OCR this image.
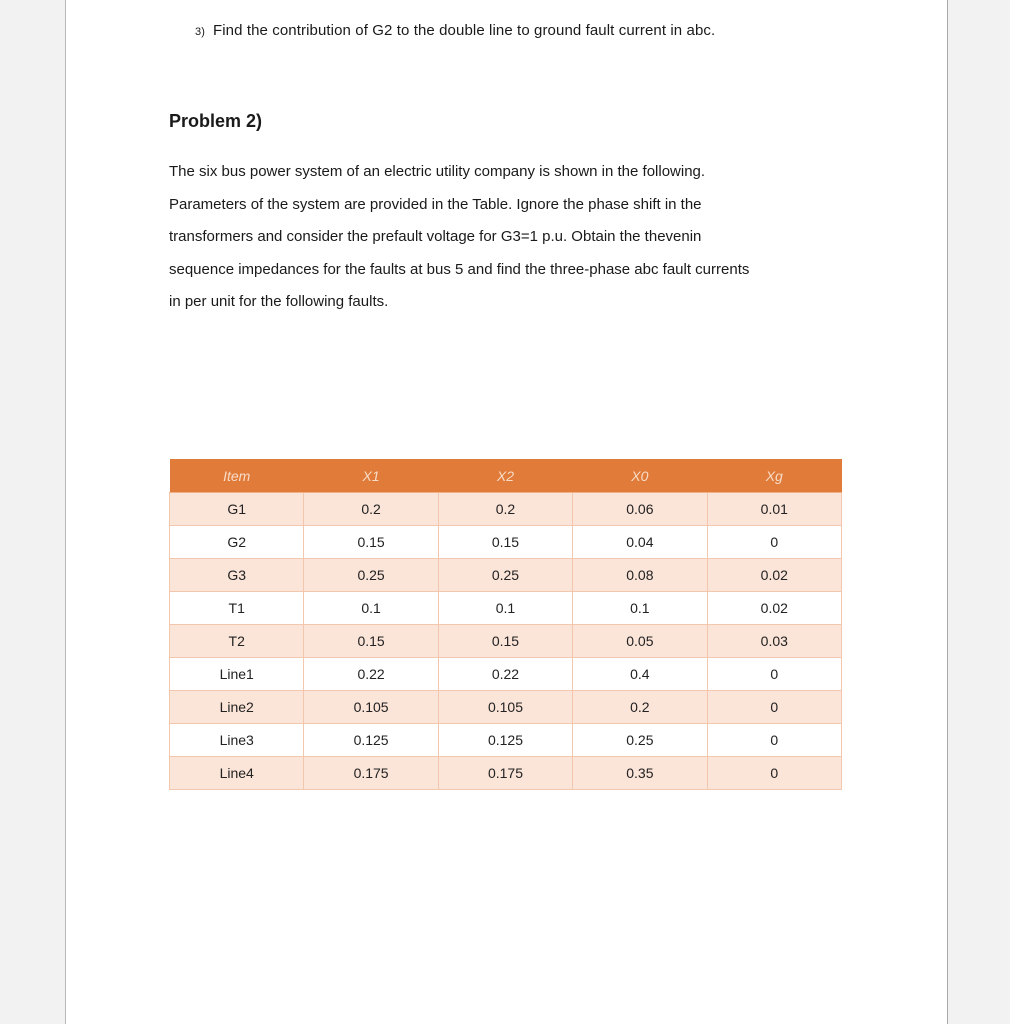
3) Find the contribution of G2 to the double line to ground fault current in abc.
Problem 2)

The six bus power system of an electric utility company is shown in the following.

Parameters of the system are provided in the Table. Ignore the phase shift in the

transformers and consider the prefault voltage for G3=1 p.u. Obtain the thevenin

sequence impedances for the faults at bus 5 and find the three-phase abc fault currents

in per unit for the following faults.

Item	X1	X2	X0	Xg
G1	0.2	0.2	0.06	0.01
G2	0.15	0.15	0.04	0
G3	0.25	0.25	0.08	0.02
T1	0.1	0.1	0.1	0.02
T2	0.15	0.15	0.05	0.03
Line1	0.22	0.22	0.4	0
Line2	0.105	0.105	0.2	0
Line3	0.125	0.125	0.25	0
Line4	0.175	0.175	0.35	0
